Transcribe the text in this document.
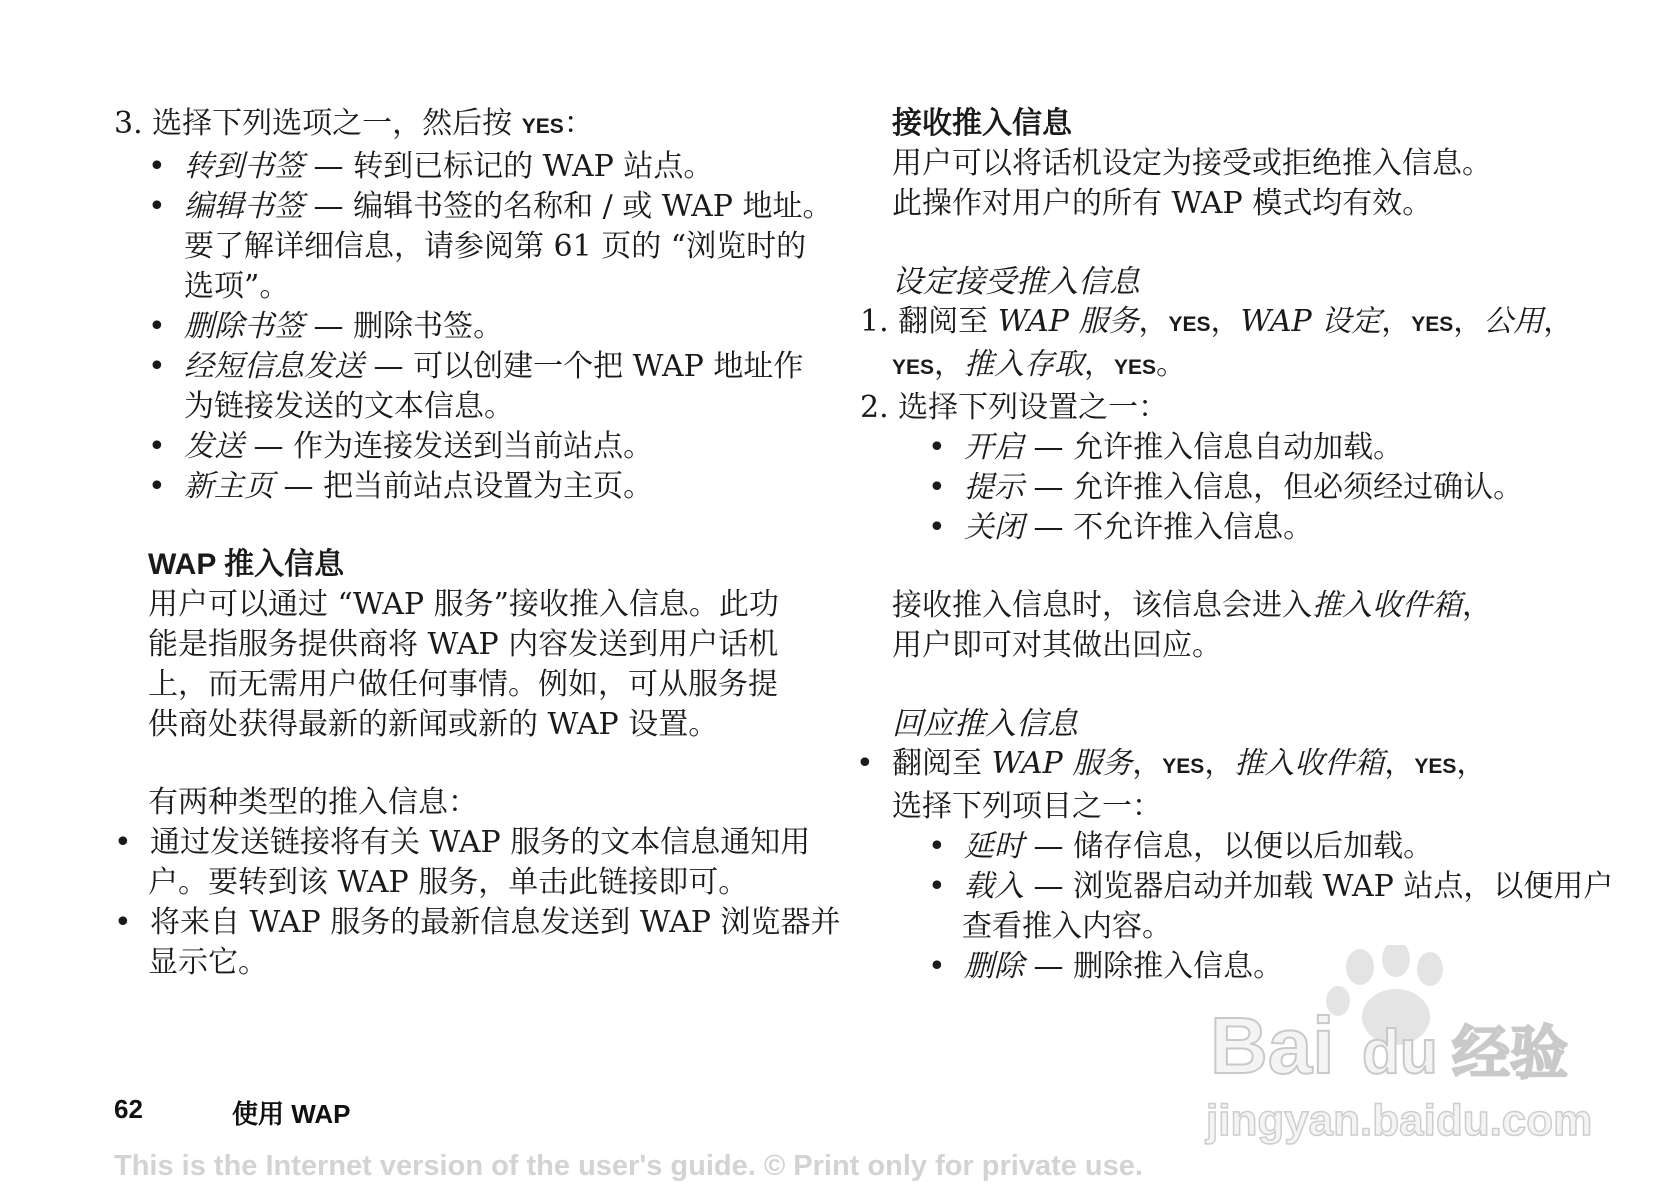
3. 选择下列选项之一，然后按 YES：
• 转到书签 — 转到已标记的 WAP 站点。
• 编辑书签 — 编辑书签的名称和 / 或 WAP 地址。
要了解详细信息，请参阅第 61 页的 “浏览时的
选项”。
• 删除书签 — 删除书签。
• 经短信息发送 — 可以创建一个把 WAP 地址作
为链接发送的文本信息。
• 发送 — 作为连接发送到当前站点。
• 新主页 — 把当前站点设置为主页。
WAP 推入信息
用户可以通过 “WAP 服务”接收推入信息。此功
能是指服务提供商将 WAP 内容发送到用户话机
上，而无需用户做任何事情。例如，可从服务提
供商处获得最新的新闻或新的 WAP 设置。
有两种类型的推入信息：
• 通过发送链接将有关 WAP 服务的文本信息通知用
户。要转到该 WAP 服务，单击此链接即可。
• 将来自 WAP 服务的最新信息发送到 WAP 浏览器并
显示它。
接收推入信息
用户可以将话机设定为接受或拒绝推入信息。
此操作对用户的所有 WAP 模式均有效。
设定接受推入信息
1. 翻阅至 WAP 服务，YES，WAP 设定，YES，公用，
YES，推入存取，YES。
2. 选择下列设置之一：
• 开启 — 允许推入信息自动加载。
• 提示 — 允许推入信息，但必须经过确认。
• 关闭 — 不允许推入信息。
接收推入信息时，该信息会进入推入收件箱，
用户即可对其做出回应。
回应推入信息
• 翻阅至 WAP 服务，YES，推入收件箱，YES，
选择下列项目之一：
• 延时 — 储存信息，以便以后加载。
• 载入 — 浏览器启动并加载 WAP 站点，以便用户
查看推入内容。
• 删除 — 删除推入信息。
Bai du 经验
jingyan.baidu.com
62	使用 WAP
This is the Internet version of the user's guide. © Print only for private use.
